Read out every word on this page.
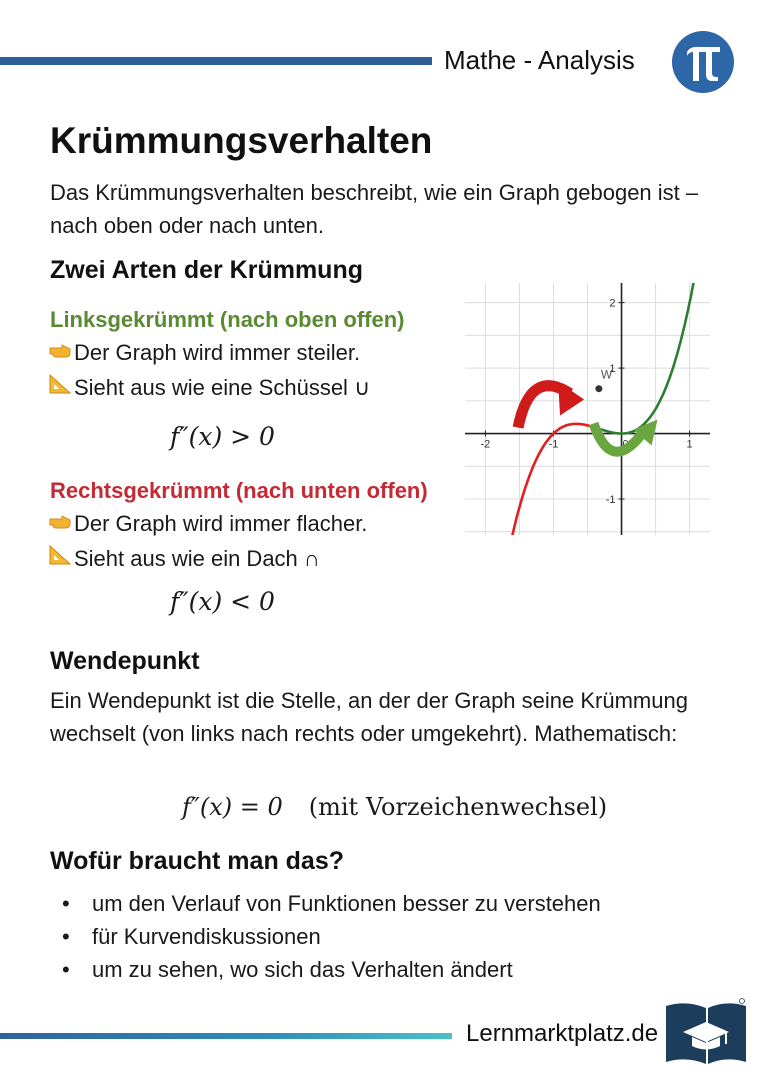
Mathe - Analysis
Krümmungsverhalten
Das Krümmungsverhalten beschreibt, wie ein Graph gebogen ist – nach oben oder nach unten.
Zwei Arten der Krümmung
Linksgekrümmt (nach oben offen)
Der Graph wird immer steiler.
Sieht aus wie eine Schüssel ∪
f″(x) > 0
Rechtsgekrümmt (nach unten offen)
Der Graph wird immer flacher.
Sieht aus wie ein Dach ∩
f″(x) < 0
-2	-1	0	1
-1
1
2
W
Wendepunkt
Ein Wendepunkt ist die Stelle, an der der Graph seine Krümmung wechselt (von links nach rechts oder umgekehrt). Mathematisch:
f″(x) = 0 (mit Vorzeichenwechsel)
Wofür braucht man das?
• um den Verlauf von Funktionen besser zu verstehen
• für Kurvendiskussionen
• um zu sehen, wo sich das Verhalten ändert
Lernmarktplatz.de
